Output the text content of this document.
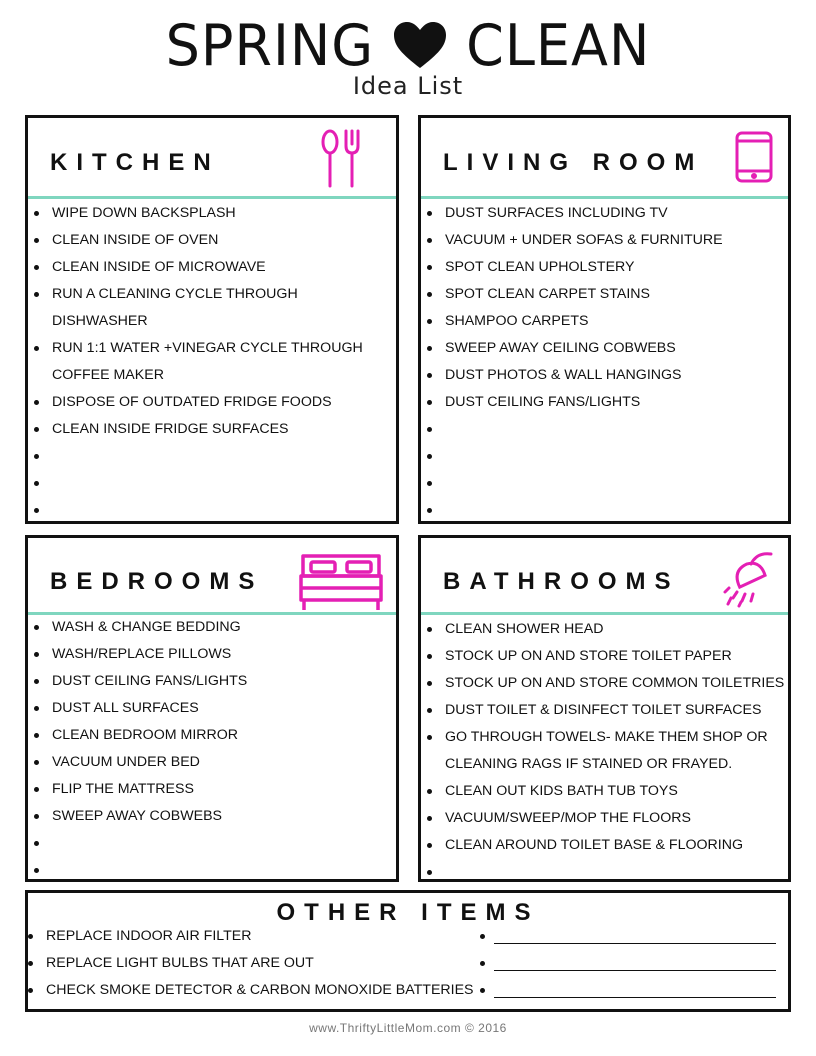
SPRING CLEAN
Idea List
KITCHEN
WIPE DOWN BACKSPLASH
CLEAN INSIDE OF OVEN
CLEAN INSIDE OF MICROWAVE
RUN A CLEANING CYCLE THROUGH
DISHWASHER
RUN 1:1 WATER +VINEGAR CYCLE THROUGH
COFFEE MAKER
DISPOSE OF OUTDATED FRIDGE FOODS
CLEAN INSIDE FRIDGE SURFACES
LIVING ROOM
DUST SURFACES INCLUDING TV
VACUUM + UNDER SOFAS & FURNITURE
SPOT CLEAN UPHOLSTERY
SPOT CLEAN CARPET STAINS
SHAMPOO CARPETS
SWEEP AWAY CEILING COBWEBS
DUST PHOTOS & WALL HANGINGS
DUST CEILING FANS/LIGHTS
BEDROOMS
WASH & CHANGE BEDDING
WASH/REPLACE PILLOWS
DUST CEILING FANS/LIGHTS
DUST ALL SURFACES
CLEAN BEDROOM MIRROR
VACUUM UNDER BED
FLIP THE MATTRESS
SWEEP AWAY COBWEBS
BATHROOMS
CLEAN SHOWER HEAD
STOCK UP ON AND STORE TOILET PAPER
STOCK UP ON AND STORE COMMON TOILETRIES
DUST TOILET & DISINFECT TOILET SURFACES
GO THROUGH TOWELS- MAKE THEM SHOP OR
CLEANING RAGS IF STAINED OR FRAYED.
CLEAN OUT KIDS BATH TUB TOYS
VACUUM/SWEEP/MOP THE FLOORS
CLEAN AROUND TOILET BASE & FLOORING
OTHER ITEMS
REPLACE INDOOR AIR FILTER
REPLACE LIGHT BULBS THAT ARE OUT
CHECK SMOKE DETECTOR & CARBON MONOXIDE BATTERIES
www.ThriftyLittleMom.com © 2016
